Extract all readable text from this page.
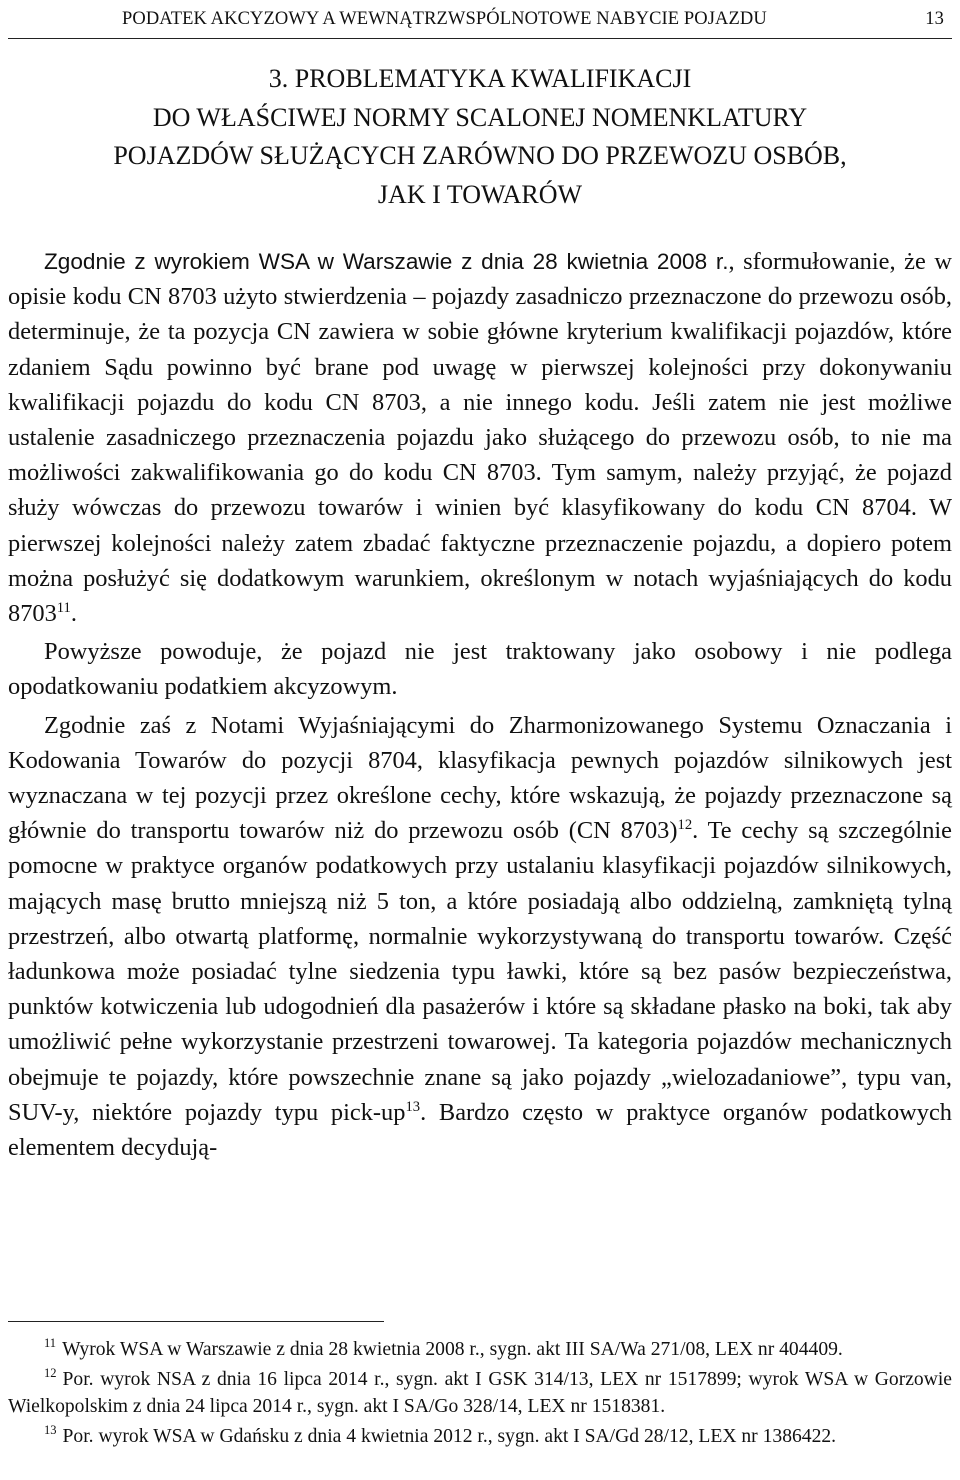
PODATEK AKCYZOWY A WEWNĄTRZWSPÓLNOTOWE NABYCIE POJAZDU	13
3. PROBLEMATYKA KWALIFIKACJI
DO WŁAŚCIWEJ NORMY SCALONEJ NOMENKLATURY
POJAZDÓW SŁUŻĄCYCH ZARÓWNO DO PRZEWOZU OSBÓB,
JAK I TOWARÓW

Zgodnie z wyrokiem WSA w Warszawie z dnia 28 kwietnia 2008 r., sformułowanie, że w opisie kodu CN 8703 użyto stwierdzenia – pojazdy zasadniczo przeznaczone do przewozu osób, determinuje, że ta pozycja CN zawiera w sobie główne kryterium kwalifikacji pojazdów, które zdaniem Sądu powinno być brane pod uwagę w pierwszej kolejności przy dokonywaniu kwalifikacji pojazdu do kodu CN 8703, a nie innego kodu. Jeśli zatem nie jest możliwe ustalenie zasadniczego przeznaczenia pojazdu jako służącego do przewozu osób, to nie ma możliwości zakwalifikowania go do kodu CN 8703. Tym samym, należy przyjąć, że pojazd służy wówczas do przewozu towarów i winien być klasyfikowany do kodu CN 8704. W pierwszej kolejności należy zatem zbadać faktyczne przeznaczenie pojazdu, a dopiero potem można posłużyć się dodatkowym warunkiem, określonym w notach wyjaśniających do kodu 8703$^{11}$.

Powyższe powoduje, że pojazd nie jest traktowany jako osobowy i nie podlega opodatkowaniu podatkiem akcyzowym.

Zgodnie zaś z Notami Wyjaśniającymi do Zharmonizowanego Systemu Oznaczania i Kodowania Towarów do pozycji 8704, klasyfikacja pewnych pojazdów silnikowych jest wyznaczana w tej pozycji przez określone cechy, które wskazują, że pojazdy przeznaczone są głównie do transportu towarów niż do przewozu osób (CN 8703)$^{12}$. Te cechy są szczególnie pomocne w praktyce organów podatkowych przy ustalaniu klasyfikacji pojazdów silnikowych, mających masę brutto mniejszą niż 5 ton, a które posiadają albo oddzielną, zamkniętą tylną przestrzeń, albo otwartą platformę, normalnie wykorzystywaną do transportu towarów. Część ładunkowa może posiadać tylne siedzenia typu ławki, które są bez pasów bezpieczeństwa, punktów kotwiczenia lub udogodnień dla pasażerów i które są składane płasko na boki, tak aby umożliwić pełne wykorzystanie przestrzeni towarowej. Ta kategoria pojazdów mechanicznych obejmuje te pojazdy, które powszechnie znane są jako pojazdy „wielozadaniowe”, typu van, SUV-y, niektóre pojazdy typu pick-$up^{13}$. Bardzo często w praktyce organów podatkowych elementem decydują-

$^{11}$ Wyrok WSA w Warszawie z dnia 28 kwietnia 2008 r., sygn. akt III SA/Wa 271/08, LEX nr 404409.

$^{12}$ Por. wyrok NSA z dnia 16 lipca 2014 r., sygn. akt I GSK 314/13, LEX nr 1517899; wyrok WSA w Gorzowie Wielkopolskim z dnia 24 lipca 2014 r., sygn. akt I SA/Go 328/14, LEX nr 1518381.

$^{13}$ Por. wyrok WSA w Gdańsku z dnia 4 kwietnia 2012 r., sygn. akt I SA/Gd 28/12, LEX nr 1386422.
